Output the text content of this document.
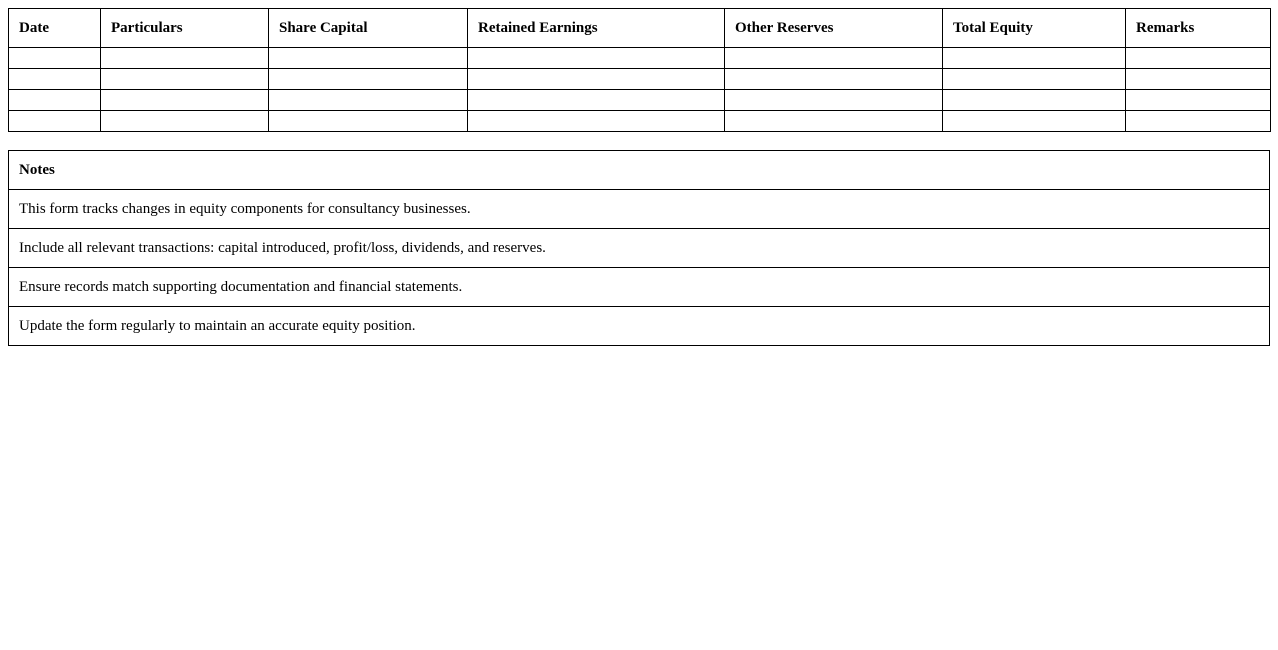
Date	Particulars	Share Capital	Retained Earnings	Other Reserves	Total Equity	Remarks

Notes
This form tracks changes in equity components for consultancy businesses.
Include all relevant transactions: capital introduced, profit/loss, dividends, and reserves.
Ensure records match supporting documentation and financial statements.
Update the form regularly to maintain an accurate equity position.
